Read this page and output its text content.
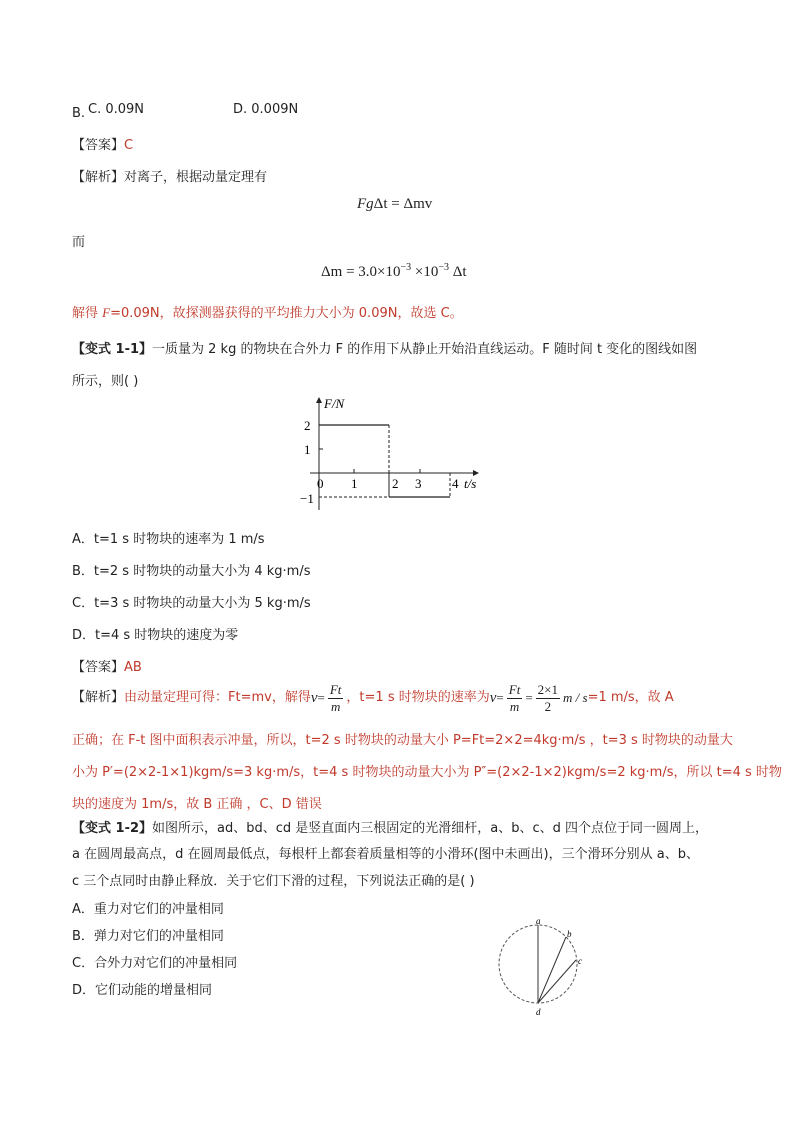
B. C. 0.09N	D. 0.009N
【答案】C
【解析】对离子，根据动量定理有
FgΔt = Δmv
而
$\Delta m = 3.0\times 10^{-3} \times 10^{-3}$ Δt
解得 F=0.09N，故探测器获得的平均推力大小为 0.09N，故选 C。
【变式 1-1】一质量为 2 kg 的物块在合外力 F 的作用下从静止开始沿直线运动。F 随时间 t 变化的图线如图
所示，则( )
F/N
t/s
2
1
−1
0 1	2 3 4
A．t=1 s 时物块的速率为 1 m/s
B．t=2 s 时物块的动量大小为 4 kg·m/s
C．t=3 s 时物块的动量大小为 5 kg·m/s
D．t=4 s 时物块的速度为零
【答案】AB
【解析】 由动量定理可得：Ft=mv，解得 $v = \frac{Ft}{m}$ ，t=1 s 时物块的速率为 $v = \frac{Ft}{m} = \frac{2\times 1}{2}$ m / s =1 m/s，故 A
正确；在 F-t 图中面积表示冲量，所以，t=2 s 时物块的动量大小 P=Ft=2×2=4kg·m/s ，t=3 s 时物块的动量大
小为 P′=(2×2-1×1)kgm/s=3 kg·m/s，t=4 s 时物块的动量大小为 P″=(2×2-1×2)kgm/s=2 kg·m/s，所以 t=4 s 时物
块的速度为 1m/s，故 B 正确 ，C、D 错误
【变式 1-2】如图所示，ad、bd、cd 是竖直面内三根固定的光滑细杆，a、b、c、d 四个点位于同一圆周上，
a 在圆周最高点，d 在圆周最低点，每根杆上都套着质量相等的小滑环(图中未画出)，三个滑环分别从 a、b、
c 三个点同时由静止释放．关于它们下滑的过程，下列说法正确的是( )
A．重力对它们的冲量相同
B．弹力对它们的冲量相同
C．合外力对它们的冲量相同
D．它们动能的增量相同
a
b
c
d
